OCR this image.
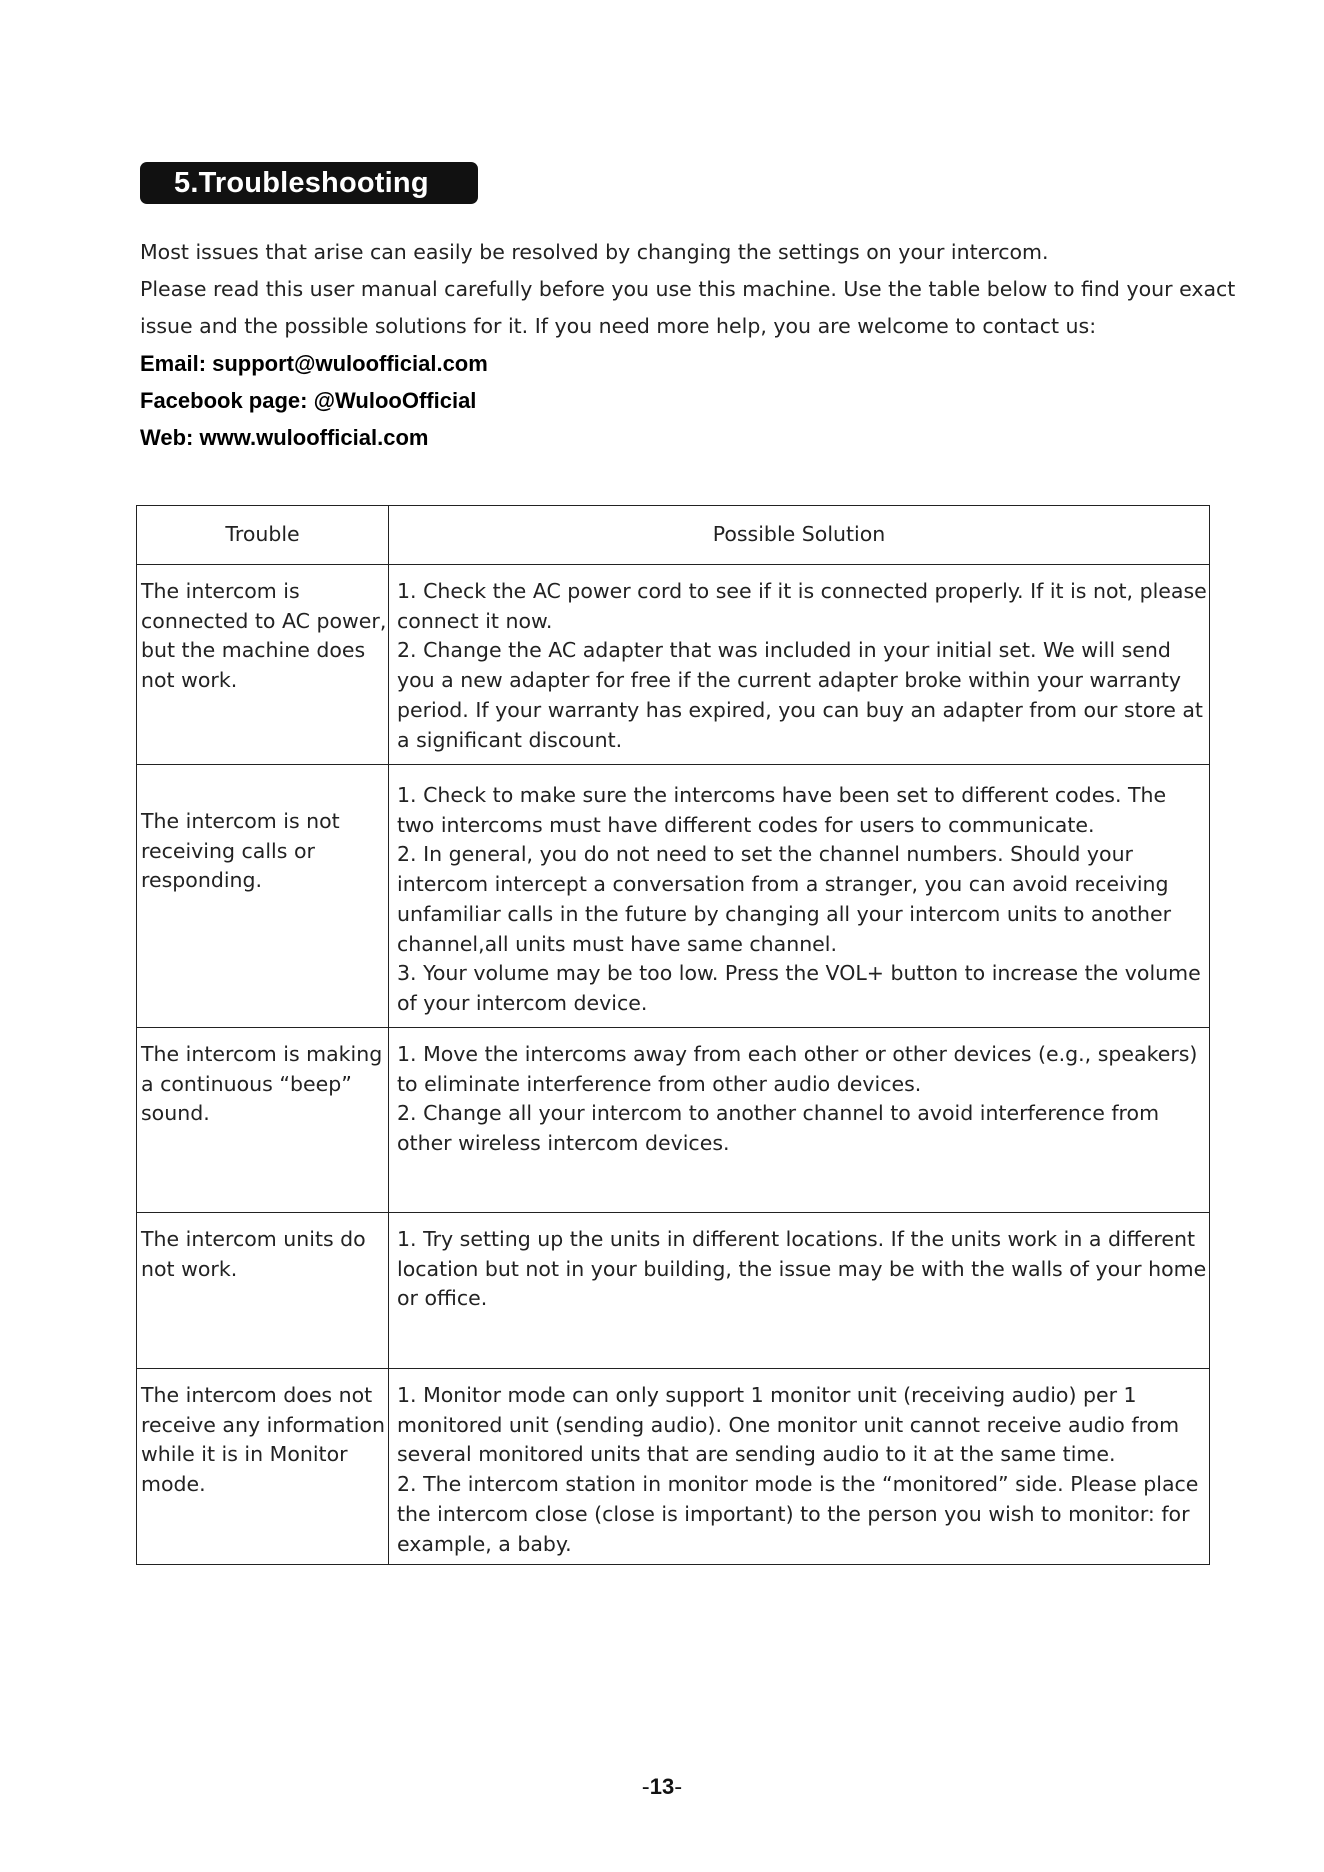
5.Troubleshooting

Most issues that arise can easily be resolved by changing the settings on your intercom.

Please read this user manual carefully before you use this machine. Use the table below to find your exact

issue and the possible solutions for it. If you need more help, you are welcome to contact us:

Email: support@wuloofficial.com

Facebook page: @WulooOfficial

Web: www.wuloofficial.com

Trouble	Possible Solution
The intercom is connected to AC power, but the machine does not work.	1. Check the AC power cord to see if it is connected properly. If it is not, please connect it now.
2. Change the AC adapter that was included in your initial set. We will send you a new adapter for free if the current adapter broke within your warranty period. If your warranty has expired, you can buy an adapter from our store at a significant discount.

The intercom is not receiving calls or responding.	1. Check to make sure the intercoms have been set to different codes. The two intercoms must have different codes for users to communicate.
2. In general, you do not need to set the channel numbers. Should your intercom intercept a conversation from a stranger, you can avoid receiving unfamiliar calls in the future by changing all your intercom units to another channel,all units must have same channel.
3. Your volume may be too low. Press the VOL+ button to increase the volume of your intercom device.

The intercom is making a continuous “beep” sound.	1. Move the intercoms away from each other or other devices (e.g., speakers) to eliminate interference from other audio devices.
2. Change all your intercom to another channel to avoid interference from other wireless intercom devices.

The intercom units do not work.	1. Try setting up the units in different locations. If the units work in a different location but not in your building, the issue may be with the walls of your home or office.

The intercom does not receive any information while it is in Monitor mode.	1. Monitor mode can only support 1 monitor unit (receiving audio) per 1 monitored unit (sending audio). One monitor unit cannot receive audio from several monitored units that are sending audio to it at the same time.
2. The intercom station in monitor mode is the “monitored” side. Please place the intercom close (close is important) to the person you wish to monitor: for example, a baby.
-13-
